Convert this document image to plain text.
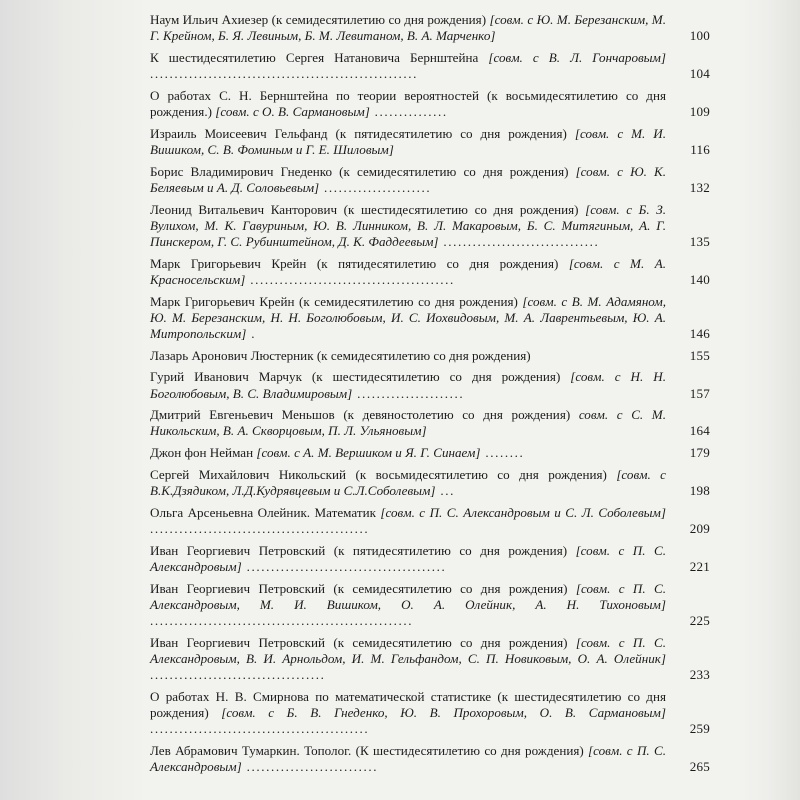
Наум Ильич Ахиезер (к семидесятилетию со дня рождения) [совм. с Ю. М. Березанским, М. Г. Крейном, Б. Я. Левиным, Б. М. Левитаном, В. А. Марченко]	100
К шестидесятилетию Сергея Натановича Бернштейна [совм. с В. Л. Гончаровым] .......................................................	104
О работах С. Н. Бернштейна по теории вероятностей (к восьмидесятилетию со дня рождения.) [совм. с О. В. Сармановым] ...............	109
Израиль Моисеевич Гельфанд (к пятидесятилетию со дня рождения) [совм. с М. И. Вишиком, С. В. Фоминым и Г. Е. Шиловым]	116
Борис Владимирович Гнеденко (к семидесятилетию со дня рождения) [совм. с Ю. К. Беляевым и А. Д. Соловьевым] ......................	132
Леонид Витальевич Канторович (к шестидесятилетию со дня рождения) [совм. с Б. З. Вулихом, М. К. Гавуриным, Ю. В. Линником, В. Л. Макаровым, Б. С. Митягиным, А. Г. Пинскером, Г. С. Рубинштейном, Д. К. Фаддеевым] ................................	135
Марк Григорьевич Крейн (к пятидесятилетию со дня рождения) [совм. с М. А. Красносельским] ..........................................	140
Марк Григорьевич Крейн (к семидесятилетию со дня рождения) [совм. с В. М. Адамяном, Ю. М. Березанским, Н. Н. Боголюбовым, И. С. Иохвидовым, М. А. Лаврентьевым, Ю. А. Митропольским] .	146
Лазарь Аронович Люстерник (к семидесятилетию со дня рождения)	155
Гурий Иванович Марчук (к шестидесятилетию со дня рождения) [совм. с Н. Н. Боголюбовым, В. С. Владимировым] ......................	157
Дмитрий Евгеньевич Меньшов (к девяностолетию со дня рождения) совм. с С. М. Никольским, В. А. Скворцовым, П. Л. Ульяновым]	164
Джон фон Нейман [совм. с А. М. Вершиком и Я. Г. Синаем] ........	179
Сергей Михайлович Никольский (к восьмидесятилетию со дня рождения) [совм. с В.К.Дзядиком, Л.Д.Кудрявцевым и С.Л.Соболевым] ...	198
Ольга Арсеньевна Олейник. Математик [совм. с П. С. Александровым и С. Л. Соболевым] .............................................	209
Иван Георгиевич Петровский (к пятидесятилетию со дня рождения) [совм. с П. С. Александровым] .........................................	221
Иван Георгиевич Петровский (к семидесятилетию со дня рождения) [совм. с П. С. Александровым, М. И. Вишиком, О. А. Олейник, А. Н. Тихоновым] ......................................................	225
Иван Георгиевич Петровский (к семидесятилетию со дня рождения) [совм. с П. С. Александровым, В. И. Арнольдом, И. М. Гельфандом, С. П. Новиковым, О. А. Олейник] ....................................	233
О работах Н. В. Смирнова по математической статистике (к шестидесятилетию со дня рождения) [совм. с Б. В. Гнеденко, Ю. В. Прохоровым, О. В. Сармановым] .............................................	259
Лев Абрамович Тумаркин. Тополог. (К шестидесятилетию со дня рождения) [совм. с П. С. Александровым] ...........................	265
